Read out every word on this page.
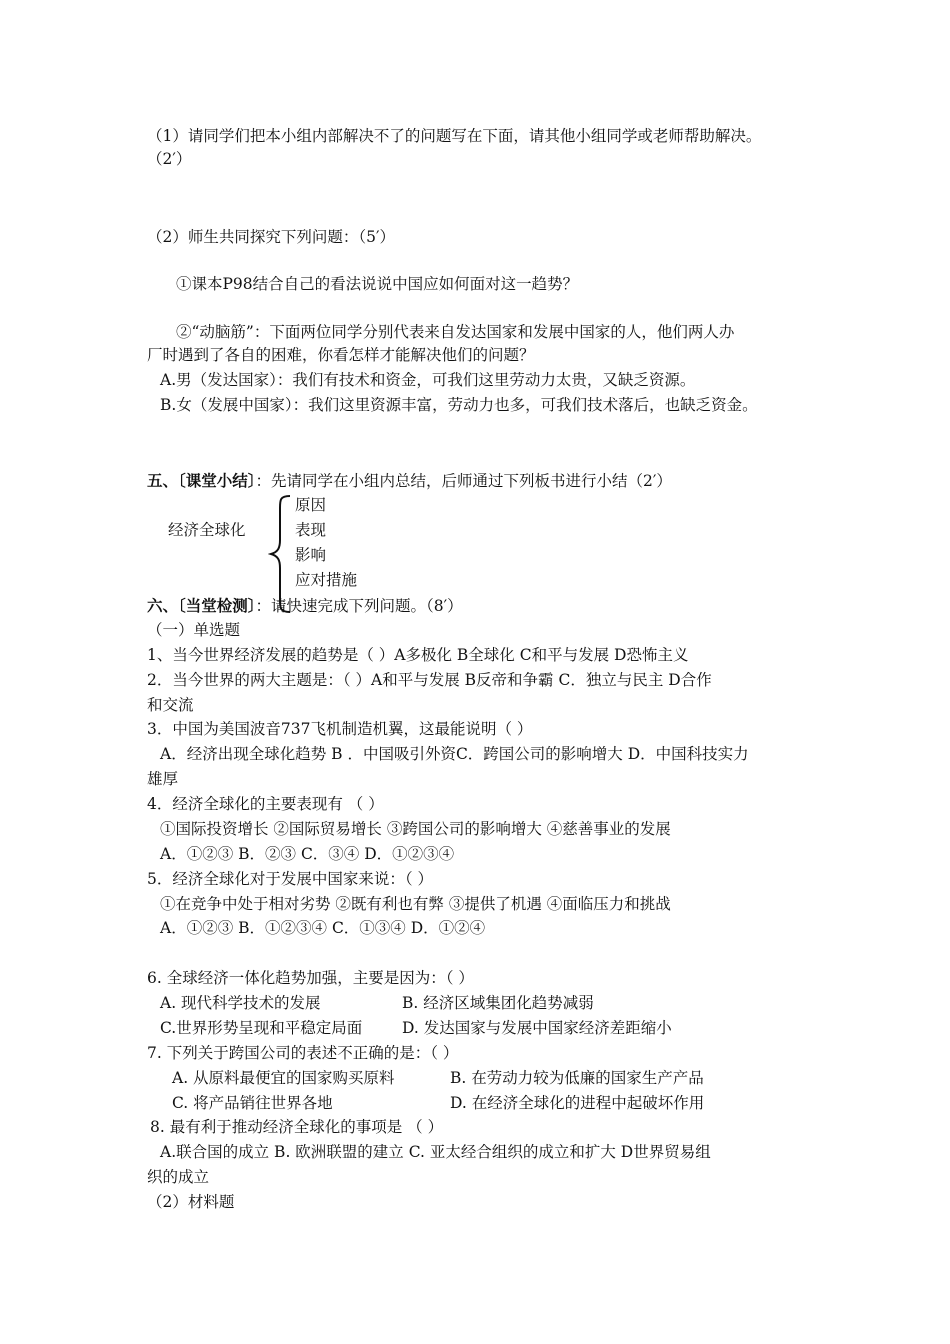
（1）请同学们把本小组内部解决不了的问题写在下面，请其他小组同学或老师帮助解决。
（2′）
（2）师生共同探究下列问题：（5′）
①课本P98结合自己的看法说说中国应如何面对这一趋势？
②“动脑筋”：下面两位同学分别代表来自发达国家和发展中国家的人，他们两人办
厂时遇到了各自的困难，你看怎样才能解决他们的问题？
A.男（发达国家）：我们有技术和资金，可我们这里劳动力太贵，又缺乏资源。
B.女（发展中国家）：我们这里资源丰富，劳动力也多，可我们技术落后，也缺乏资金。
五、〔课堂小结〕：先请同学在小组内总结，后师通过下列板书进行小结（2′）
经济全球化
原因
表现
影响
应对措施
六、〔当堂检测〕：请快速完成下列问题。（8′）
（一）单选题
1、当今世界经济发展的趋势是（ ）A多极化 B全球化 C和平与发展 D恐怖主义
2．当今世界的两大主题是：（ ）A和平与发展 B反帝和争霸 C．独立与民主 D合作
和交流
3．中国为美国波音737飞机制造机翼，这最能说明（ ）
A．经济出现全球化趋势 B ．中国吸引外资C．跨国公司的影响增大 D．中国科技实力
雄厚
4．经济全球化的主要表现有 （ ）
①国际投资增长 ②国际贸易增长 ③跨国公司的影响增大 ④慈善事业的发展
A．①②③ B．②③ C．③④ D．①②③④
5．经济全球化对于发展中国家来说：（ ）
①在竞争中处于相对劣势 ②既有利也有弊 ③提供了机遇 ④面临压力和挑战
A．①②③ B．①②③④ C．①③④ D．①②④
6. 全球经济一体化趋势加强，主要是因为：（ ）
A. 现代科学技术的发展	B. 经济区域集团化趋势减弱
C.世界形势呈现和平稳定局面	D. 发达国家与发展中国家经济差距缩小
7. 下列关于跨国公司的表述不正确的是：（ ）
A. 从原料最便宜的国家购买原料	B. 在劳动力较为低廉的国家生产产品
C. 将产品销往世界各地	D. 在经济全球化的进程中起破坏作用
8. 最有利于推动经济全球化的事项是 （ ）
A.联合国的成立 B. 欧洲联盟的建立 C. 亚太经合组织的成立和扩大 D世界贸易组
织的成立
（2）材料题
